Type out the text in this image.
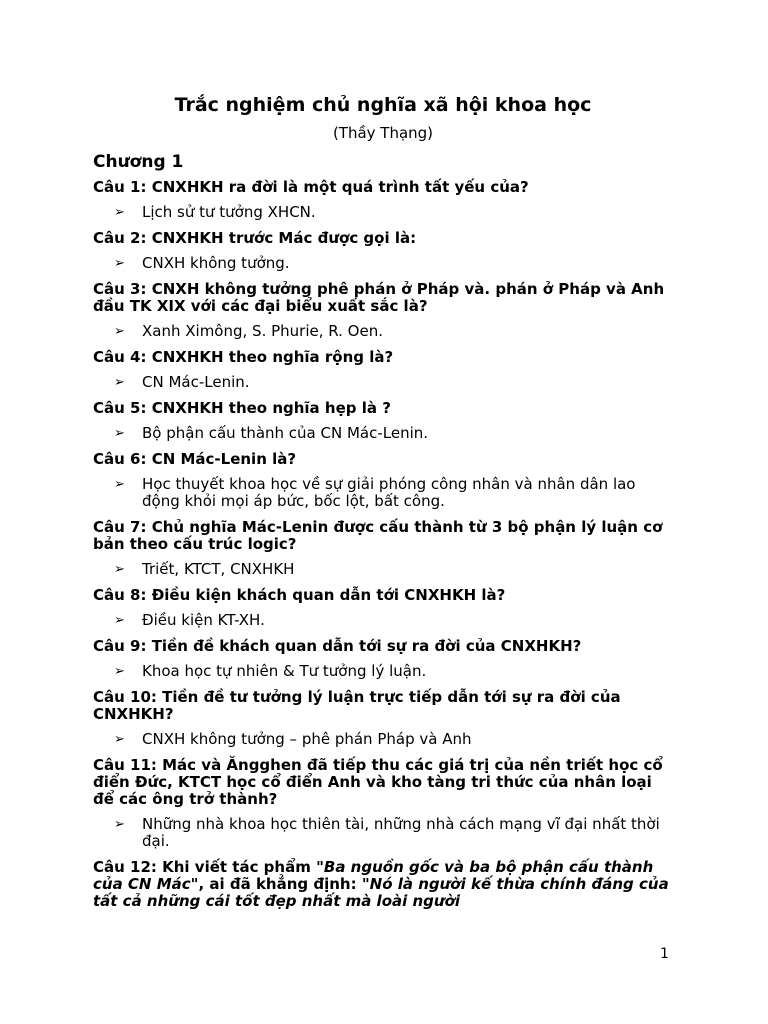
Trắc nghiệm chủ nghĩa xã hội khoa học

(Thầy Thạng)

Chương 1

Câu 1: CNXHKH ra đời là một quá trình tất yếu của?

➢ Lịch sử tư tưởng XHCN.

Câu 2: CNXHKH trước Mác được gọi là:

➢ CNXH không tưởng.

Câu 3: CNXH không tưởng phê phán ở Pháp và. phán ở Pháp và Anh đầu TK XIX với các đại biểu xuất sắc là?

➢ Xanh Ximông, S. Phurie, R. Oen.

Câu 4: CNXHKH theo nghĩa rộng là?

➢ CN Mác-Lenin.

Câu 5: CNXHKH theo nghĩa hẹp là ?

➢ Bộ phận cấu thành của CN Mác-Lenin.

Câu 6: CN Mác-Lenin là?

➢ Học thuyết khoa học về sự giải phóng công nhân và nhân dân lao động khỏi mọi áp bức, bốc lột, bất công.

Câu 7: Chủ nghĩa Mác-Lenin được cấu thành từ 3 bộ phận lý luận cơ bản theo cấu trúc logic?

➢ Triết, KTCT, CNXHKH

Câu 8: Điều kiện khách quan dẫn tới CNXHKH là?

➢ Điều kiện KT-XH.

Câu 9: Tiền đề khách quan dẫn tới sự ra đời của CNXHKH?

➢ Khoa học tự nhiên & Tư tưởng lý luận.

Câu 10: Tiền đề tư tưởng lý luận trực tiếp dẫn tới sự ra đời của CNXHKH?

➢ CNXH không tưởng – phê phán Pháp và Anh

Câu 11: Mác và Ăngghen đã tiếp thu các giá trị của nền triết học cổ điển Đức, KTCT học cổ điển Anh và kho tàng tri thức của nhân loại để các ông trở thành?

➢ Những nhà khoa học thiên tài, những nhà cách mạng vĩ đại nhất thời đại.

Câu 12: Khi viết tác phẩm "Ba nguồn gốc và ba bộ phận cấu thành của CN Mác", ai đã khẳng định: "Nó là người kế thừa chính đáng của tất cả những cái tốt đẹp nhất mà loài người

1
